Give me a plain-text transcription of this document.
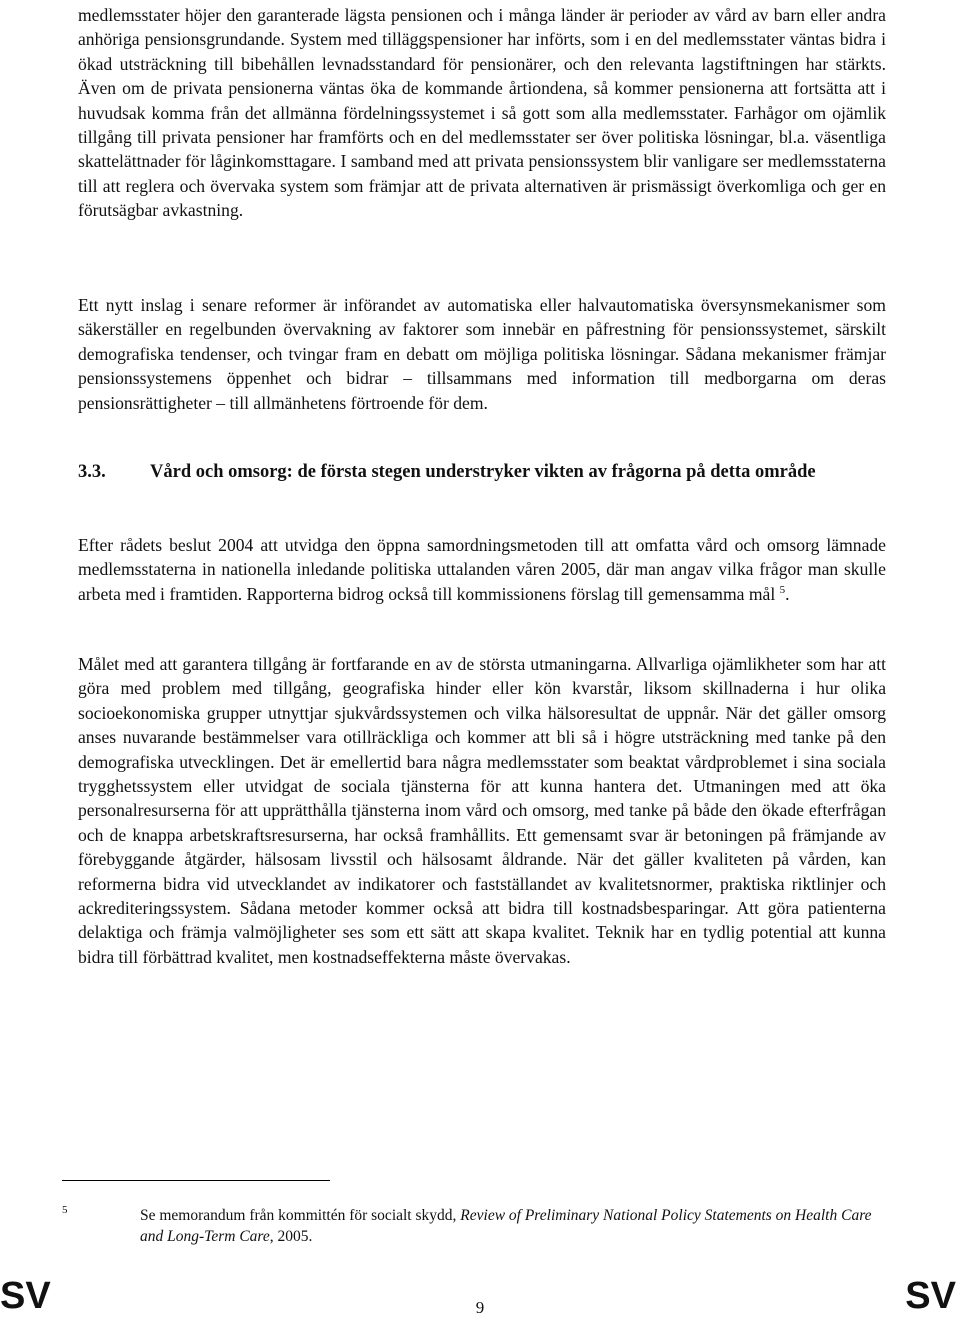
medlemsstater höjer den garanterade lägsta pensionen och i många länder är perioder av vård av barn eller andra anhöriga pensionsgrundande. System med tilläggspensioner har införts, som i en del medlemsstater väntas bidra i ökad utsträckning till bibehållen levnadsstandard för pensionärer, och den relevanta lagstiftningen har stärkts. Även om de privata pensionerna väntas öka de kommande årtiondena, så kommer pensionerna att fortsätta att i huvudsak komma från det allmänna fördelningssystemet i så gott som alla medlemsstater. Farhågor om ojämlik tillgång till privata pensioner har framförts och en del medlemsstater ser över politiska lösningar, bl.a. väsentliga skattelättnader för låginkomsttagare. I samband med att privata pensionssystem blir vanligare ser medlemsstaterna till att reglera och övervaka system som främjar att de privata alternativen är prismässigt överkomliga och ger en förutsägbar avkastning.

Ett nytt inslag i senare reformer är införandet av automatiska eller halvautomatiska översynsmekanismer som säkerställer en regelbunden övervakning av faktorer som innebär en påfrestning för pensionssystemet, särskilt demografiska tendenser, och tvingar fram en debatt om möjliga politiska lösningar. Sådana mekanismer främjar pensionssystemens öppenhet och bidrar – tillsammans med information till medborgarna om deras pensionsrättigheter – till allmänhetens förtroende för dem.

3.3. Vård och omsorg: de första stegen understryker vikten av frågorna på detta område

Efter rådets beslut 2004 att utvidga den öppna samordningsmetoden till att omfatta vård och omsorg lämnade medlemsstaterna in nationella inledande politiska uttalanden våren 2005, där man angav vilka frågor man skulle arbeta med i framtiden. Rapporterna bidrog också till kommissionens förslag till gemensamma mål $^5$.

Målet med att garantera tillgång är fortfarande en av de största utmaningarna. Allvarliga ojämlikheter som har att göra med problem med tillgång, geografiska hinder eller kön kvarstår, liksom skillnaderna i hur olika socioekonomiska grupper utnyttjar sjukvårdssystemen och vilka hälsoresultat de uppnår. När det gäller omsorg anses nuvarande bestämmelser vara otillräckliga och kommer att bli så i högre utsträckning med tanke på den demografiska utvecklingen. Det är emellertid bara några medlemsstater som beaktat vårdproblemet i sina sociala trygghetssystem eller utvidgat de sociala tjänsterna för att kunna hantera det. Utmaningen med att öka personalresurserna för att upprätthålla tjänsterna inom vård och omsorg, med tanke på både den ökade efterfrågan och de knappa arbetskraftsresurserna, har också framhållits. Ett gemensamt svar är betoningen på främjande av förebyggande åtgärder, hälsosam livsstil och hälsosamt åldrande. När det gäller kvaliteten på vården, kan reformerna bidra vid utvecklandet av indikatorer och fastställandet av kvalitetsnormer, praktiska riktlinjer och ackrediteringssystem. Sådana metoder kommer också att bidra till kostnadsbesparingar. Att göra patienterna delaktiga och främja valmöjligheter ses som ett sätt att skapa kvalitet. Teknik har en tydlig potential att kunna bidra till förbättrad kvalitet, men kostnadseffekterna måste övervakas.

5	Se memorandum från kommittén för socialt skydd, Review of Preliminary National Policy Statements on Health Care and Long-Term Care, 2005.
SV	9	SV
